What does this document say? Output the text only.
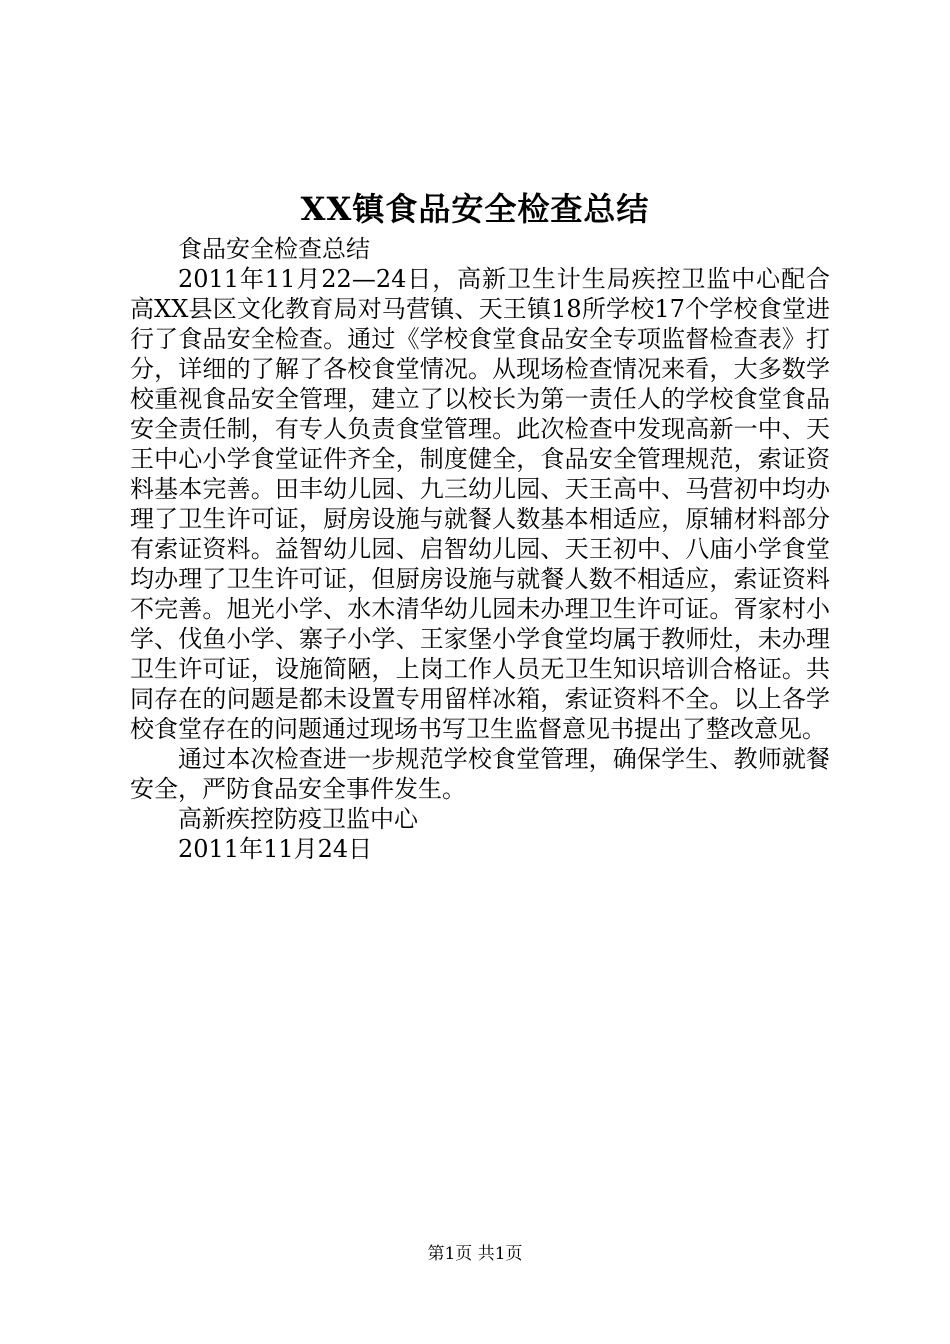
XX镇食品安全检查总结

食品安全检查总结

2011年11月22—24日，高新卫生计生局疾控卫监中心配合高XX县区文化教育局对马营镇、天王镇18所学校17个学校食堂进行了食品安全检查。通过《学校食堂食品安全专项监督检查表》打分，详细的了解了各校食堂情况。从现场检查情况来看，大多数学校重视食品安全管理，建立了以校长为第一责任人的学校食堂食品安全责任制，有专人负责食堂管理。此次检查中发现高新一中、天王中心小学食堂证件齐全，制度健全，食品安全管理规范，索证资料基本完善。田丰幼儿园、九三幼儿园、天王高中、马营初中均办理了卫生许可证，厨房设施与就餐人数基本相适应，原辅材料部分有索证资料。益智幼儿园、启智幼儿园、天王初中、八庙小学食堂均办理了卫生许可证，但厨房设施与就餐人数不相适应，索证资料不完善。旭光小学、水木清华幼儿园未办理卫生许可证。胥家村小学、伐鱼小学、寨子小学、王家堡小学食堂均属于教师灶，未办理卫生许可证，设施简陋，上岗工作人员无卫生知识培训合格证。共同存在的问题是都未设置专用留样冰箱，索证资料不全。以上各学校食堂存在的问题通过现场书写卫生监督意见书提出了整改意见。

通过本次检查进一步规范学校食堂管理，确保学生、教师就餐安全，严防食品安全事件发生。

高新疾控防疫卫监中心

2011年11月24日

第1页 共1页
